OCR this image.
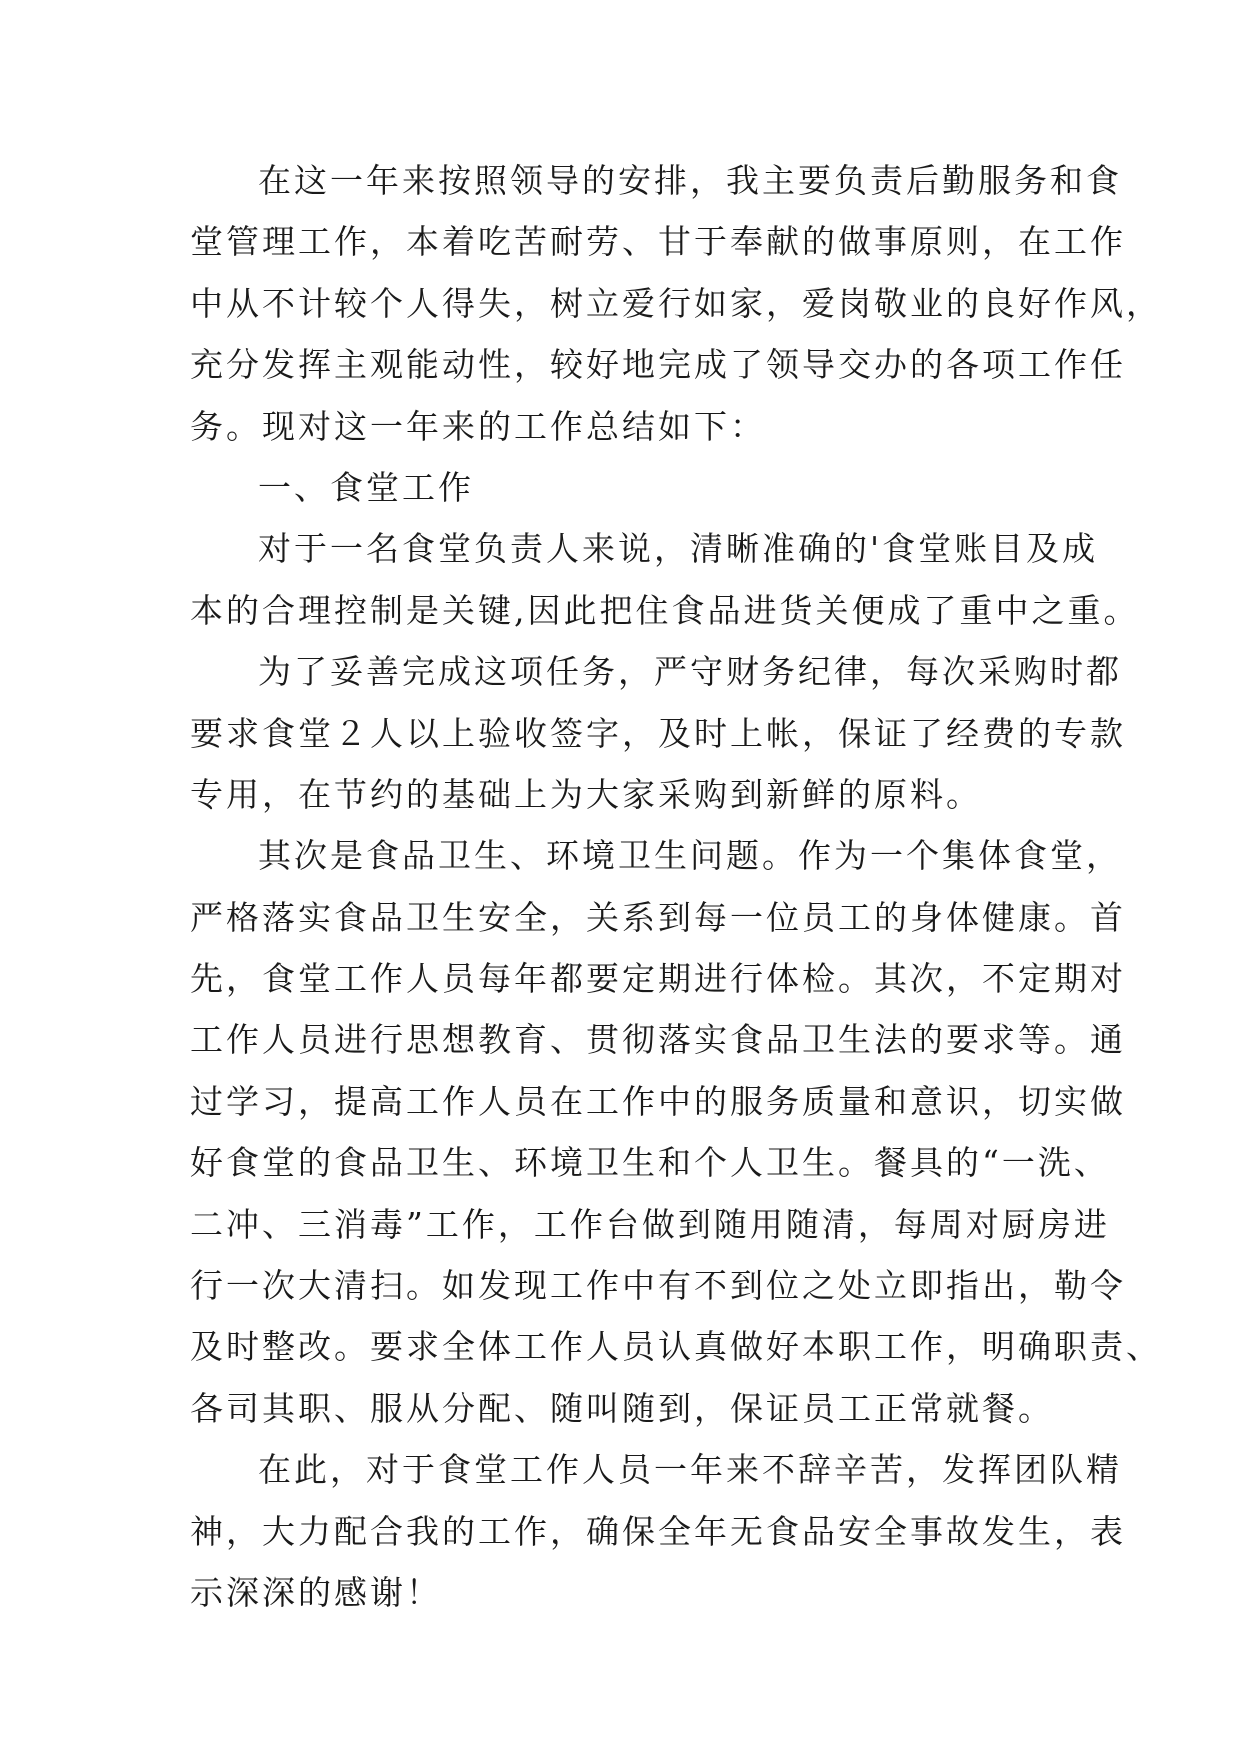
在这一年来按照领导的安排，我主要负责后勤服务和食
堂管理工作，本着吃苦耐劳、甘于奉献的做事原则，在工作
中从不计较个人得失，树立爱行如家，爱岗敬业的良好作风，
充分发挥主观能动性，较好地完成了领导交办的各项工作任
务。现对这一年来的工作总结如下：
一、食堂工作
对于一名食堂负责人来说，清晰准确的'食堂账目及成
本的合理控制是关键,因此把住食品进货关便成了重中之重。
为了妥善完成这项任务，严守财务纪律，每次采购时都
要求食堂２人以上验收签字，及时上帐，保证了经费的专款
专用，在节约的基础上为大家采购到新鲜的原料。
其次是食品卫生、环境卫生问题。作为一个集体食堂，
严格落实食品卫生安全，关系到每一位员工的身体健康。首
先，食堂工作人员每年都要定期进行体检。其次，不定期对
工作人员进行思想教育、贯彻落实食品卫生法的要求等。通
过学习，提高工作人员在工作中的服务质量和意识，切实做
好食堂的食品卫生、环境卫生和个人卫生。餐具的“一洗、
二冲、三消毒”工作，工作台做到随用随清，每周对厨房进
行一次大清扫。如发现工作中有不到位之处立即指出，勒令
及时整改。要求全体工作人员认真做好本职工作，明确职责、
各司其职、服从分配、随叫随到，保证员工正常就餐。
在此，对于食堂工作人员一年来不辞辛苦，发挥团队精
神，大力配合我的工作，确保全年无食品安全事故发生，表
示深深的感谢！
